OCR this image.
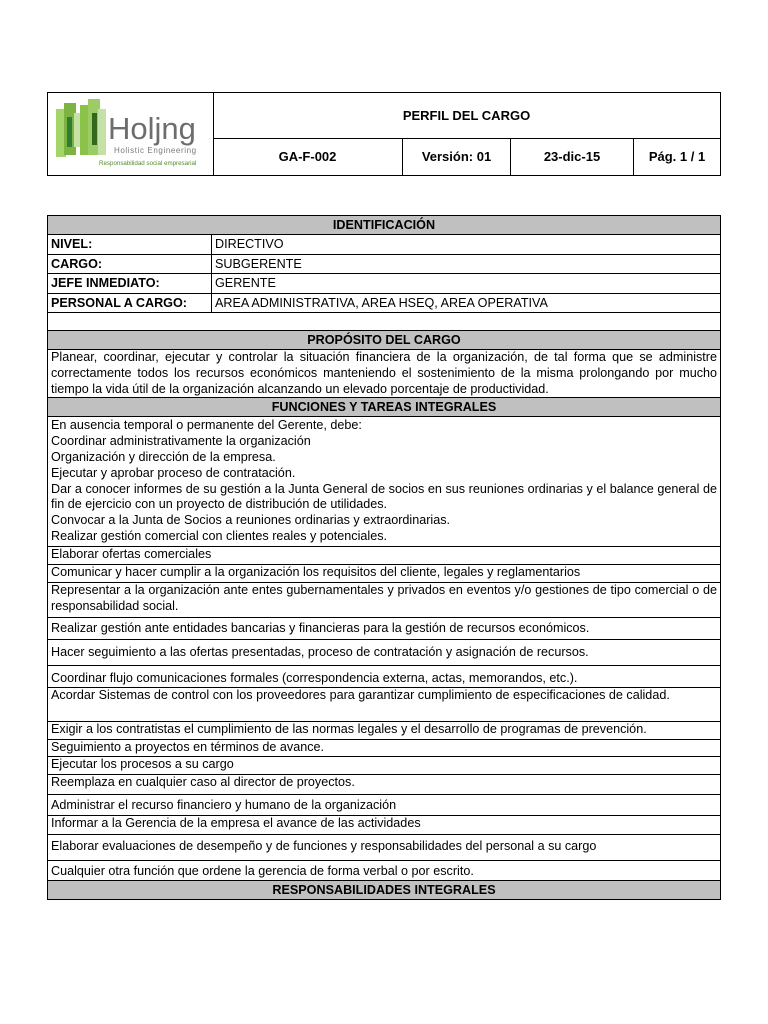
Holjng
Holistic Engineering
Responsabilidad social empresarial
PERFIL DEL CARGO
GA-F-002	Versión: 01	23-dic-15	Pág. 1 / 1
IDENTIFICACIÓN
NIVEL:	DIRECTIVO
CARGO:	SUBGERENTE
JEFE INMEDIATO:	GERENTE
PERSONAL A CARGO:	AREA ADMINISTRATIVA, AREA HSEQ, AREA OPERATIVA
PROPÓSITO DEL CARGO
Planear, coordinar, ejecutar y controlar la situación financiera de la organización, de tal forma que se administre correctamente todos los recursos económicos manteniendo el sostenimiento de la misma prolongando por mucho tiempo la vida útil de la organización alcanzando un elevado porcentaje de productividad.
FUNCIONES Y TAREAS INTEGRALES

En ausencia temporal o permanente del Gerente, debe:

Coordinar administrativamente la organización

Organización y dirección de la empresa.

Ejecutar y aprobar proceso de contratación.

Dar a conocer informes de su gestión a la Junta General de socios en sus reuniones ordinarias y el balance general de fin de ejercicio con un proyecto de distribución de utilidades.

Convocar a la Junta de Socios a reuniones ordinarias y extraordinarias.

Realizar gestión comercial con clientes reales y potenciales.

Elaborar ofertas comerciales
Comunicar y hacer cumplir a la organización los requisitos del cliente, legales y reglamentarios
Representar a la organización ante entes gubernamentales y privados en eventos y/o gestiones de tipo comercial o de responsabilidad social.
Realizar gestión ante entidades bancarias y financieras para la gestión de recursos económicos.
Hacer seguimiento a las ofertas presentadas, proceso de contratación y asignación de recursos.
Coordinar flujo comunicaciones formales (correspondencia externa, actas, memorandos, etc.).
Acordar Sistemas de control con los proveedores para garantizar cumplimiento de especificaciones de calidad.
Exigir a los contratistas el cumplimiento de las normas legales y el desarrollo de programas de prevención.
Seguimiento a proyectos en términos de avance.
Ejecutar los procesos a su cargo
Reemplaza en cualquier caso al director de proyectos.
Administrar el recurso financiero y humano de la organización
Informar a la Gerencia de la empresa el avance de las actividades
Elaborar evaluaciones de desempeño y de funciones y responsabilidades del personal a su cargo
Cualquier otra función que ordene la gerencia de forma verbal o por escrito.
RESPONSABILIDADES INTEGRALES
